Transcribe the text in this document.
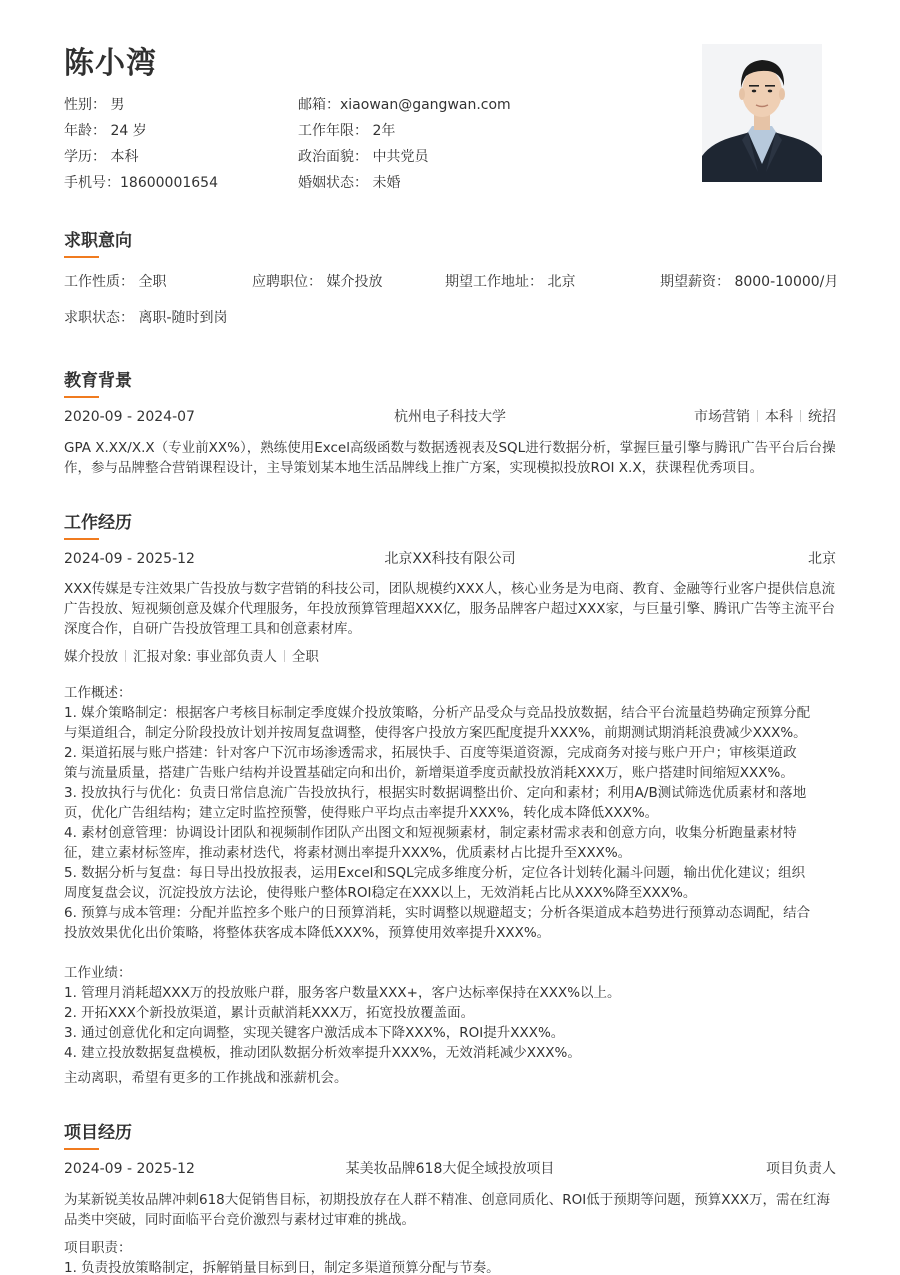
陈小湾
性别： 男	邮箱：xiaowan@gangwan.com
年龄： 24 岁	工作年限： 2年
学历： 本科	政治面貌： 中共党员
手机号：18600001654	婚姻状态： 未婚
求职意向
工作性质： 全职	应聘职位： 媒介投放	期望工作地址： 北京	期望薪资： 8000-10000/月
求职状态： 离职-随时到岗
教育背景
2020-09 - 2024-07	杭州电子科技大学	市场营销 本科 统招
GPA X.XX/X.X（专业前XX%），熟练使用Excel高级函数与数据透视表及SQL进行数据分析，掌握巨量引擎与腾讯广告平台后台操作，参与品牌整合营销课程设计，主导策划某本地生活品牌线上推广方案，实现模拟投放ROI X.X，获课程优秀项目。
工作经历
2024-09 - 2025-12	北京XX科技有限公司	北京
XXX传媒是专注效果广告投放与数字营销的科技公司，团队规模约XXX人，核心业务是为电商、教育、金融等行业客户提供信息流广告投放、短视频创意及媒介代理服务，年投放预算管理超XXX亿，服务品牌客户超过XXX家，与巨量引擎、腾讯广告等主流平台深度合作，自研广告投放管理工具和创意素材库。
媒介投放 汇报对象: 事业部负责人 全职
工作概述：
1. 媒介策略制定：根据客户考核目标制定季度媒介投放策略，分析产品受众与竞品投放数据，结合平台流量趋势确定预算分配
与渠道组合，制定分阶段投放计划并按周复盘调整，使得客户投放方案匹配度提升XXX%，前期测试期消耗浪费减少XXX%。
2. 渠道拓展与账户搭建：针对客户下沉市场渗透需求，拓展快手、百度等渠道资源，完成商务对接与账户开户；审核渠道政
策与流量质量，搭建广告账户结构并设置基础定向和出价，新增渠道季度贡献投放消耗XXX万，账户搭建时间缩短XXX%。
3. 投放执行与优化：负责日常信息流广告投放执行，根据实时数据调整出价、定向和素材；利用A/B测试筛选优质素材和落地
页，优化广告组结构；建立定时监控预警，使得账户平均点击率提升XXX%，转化成本降低XXX%。
4. 素材创意管理：协调设计团队和视频制作团队产出图文和短视频素材，制定素材需求表和创意方向，收集分析跑量素材特
征，建立素材标签库，推动素材迭代，将素材测出率提升XXX%，优质素材占比提升至XXX%。
5. 数据分析与复盘：每日导出投放报表，运用Excel和SQL完成多维度分析，定位各计划转化漏斗问题，输出优化建议；组织
周度复盘会议，沉淀投放方法论，使得账户整体ROI稳定在XXX以上，无效消耗占比从XXX%降至XXX%。
6. 预算与成本管理：分配并监控多个账户的日预算消耗，实时调整以规避超支；分析各渠道成本趋势进行预算动态调配，结合
投放效果优化出价策略，将整体获客成本降低XXX%，预算使用效率提升XXX%。
工作业绩：
1. 管理月消耗超XXX万的投放账户群，服务客户数量XXX+，客户达标率保持在XXX%以上。
2. 开拓XXX个新投放渠道，累计贡献消耗XXX万，拓宽投放覆盖面。
3. 通过创意优化和定向调整，实现关键客户激活成本下降XXX%，ROI提升XXX%。
4. 建立投放数据复盘模板，推动团队数据分析效率提升XXX%，无效消耗减少XXX%。
主动离职，希望有更多的工作挑战和涨薪机会。
项目经历
2024-09 - 2025-12	某美妆品牌618大促全域投放项目	项目负责人
为某新锐美妆品牌冲刺618大促销售目标，初期投放存在人群不精准、创意同质化、ROI低于预期等问题，预算XXX万，需在红海品类中突破，同时面临平台竞价激烈与素材过审难的挑战。
项目职责：
1. 负责投放策略制定，拆解销量目标到日，制定多渠道预算分配与节奏。
